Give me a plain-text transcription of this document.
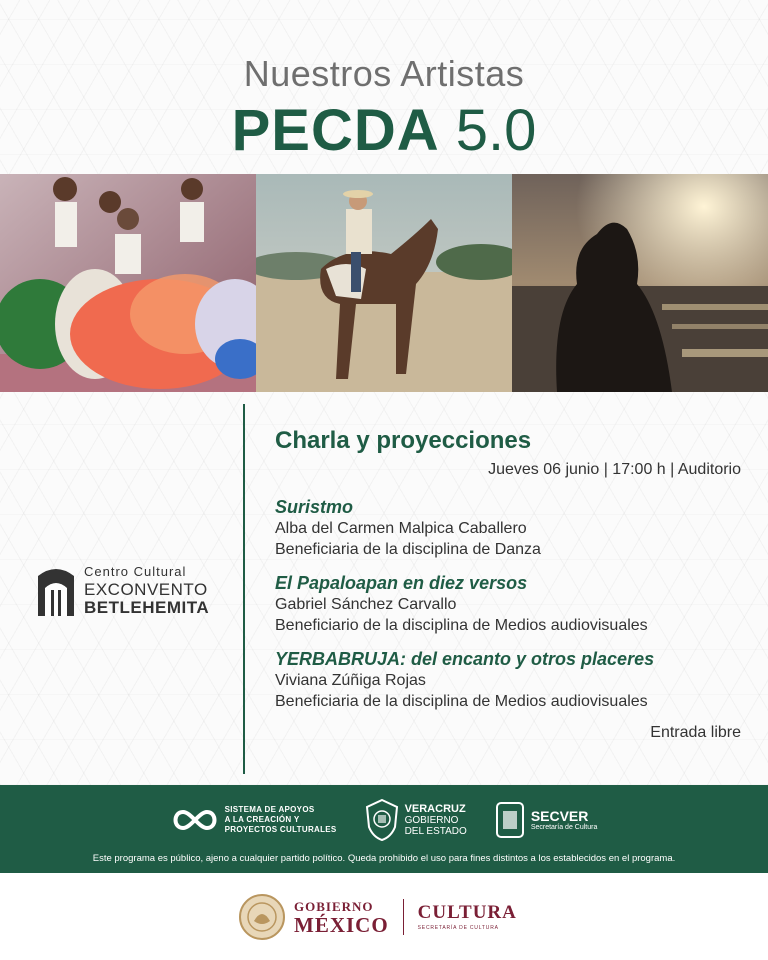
Nuestros Artistas
PECDA 5.0
Centro Cultural
EXCONVENTO
BETLEHEMITA
Charla y proyecciones
Jueves 06 junio | 17:00 h | Auditorio
Suristmo
Alba del Carmen Malpica Caballero
Beneficiaria de la disciplina de Danza
El Papaloapan en diez versos
Gabriel Sánchez Carvallo
Beneficiario de la disciplina de Medios audiovisuales
YERBABRUJA: del encanto y otros placeres
Viviana Zúñiga Rojas
Beneficiaria de la disciplina de Medios audiovisuales
Entrada libre
SISTEMA DE APOYOS
A LA CREACIÓN Y
PROYECTOS CULTURALES
VERACRUZ
GOBIERNO
DEL ESTADO
SECVER
Secretaría de Cultura
Este programa es público, ajeno a cualquier partido político. Queda prohibido el uso para fines distintos a los establecidos en el programa.
GOBIERNO
MÉXICO CULTURA
SECRETARÍA DE CULTURA
